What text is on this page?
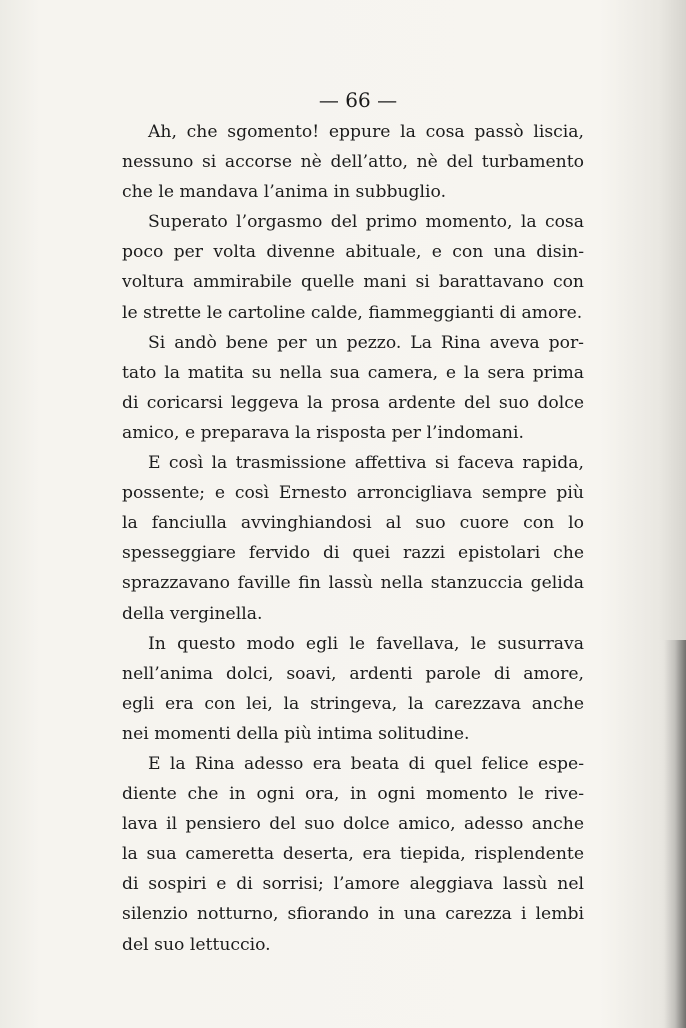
— 66 —

Ah, che sgomento! eppure la cosa passò liscia,
nessuno si accorse nè dell’atto, nè del turbamento
che le mandava l’anima in subbuglio.

Superato l’orgasmo del primo momento, la cosa
poco per volta divenne abituale, e con una disin-
voltura ammirabile quelle mani si barattavano con
le strette le cartoline calde, fiammeggianti di amore.

Si andò bene per un pezzo. La Rina aveva por-
tato la matita su nella sua camera, e la sera prima
di coricarsi leggeva la prosa ardente del suo dolce
amico, e preparava la risposta per l’indomani.

E così la trasmissione affettiva si faceva rapida,
possente; e così Ernesto arroncigliava sempre più
la fanciulla avvinghiandosi al suo cuore con lo
spesseggiare fervido di quei razzi epistolari che
sprazzavano faville fin lassù nella stanzuccia gelida
della verginella.

In questo modo egli le favellava, le susurrava
nell’anima dolci, soavi, ardenti parole di amore,
egli era con lei, la stringeva, la carezzava anche
nei momenti della più intima solitudine.

E la Rina adesso era beata di quel felice espe-
diente che in ogni ora, in ogni momento le rive-
lava il pensiero del suo dolce amico, adesso anche
la sua cameretta deserta, era tiepida, risplendente
di sospiri e di sorrisi; l’amore aleggiava lassù nel
silenzio notturno, sfiorando in una carezza i lembi
del suo lettuccio.
